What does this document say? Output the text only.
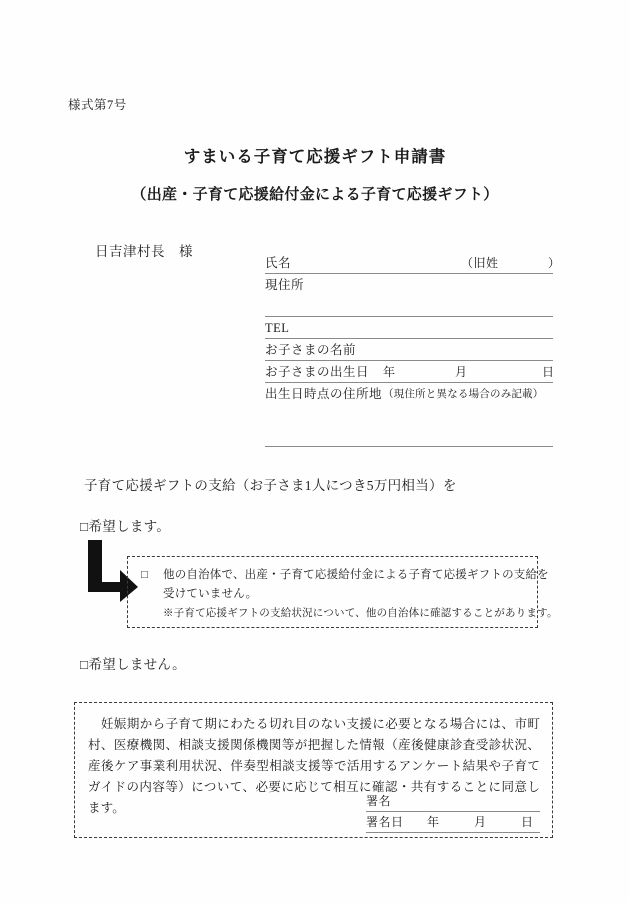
様式第7号
すまいる子育て応援ギフト申請書
（出産・子育て応援給付金による子育て応援ギフト）
日吉津村長　様
氏名	（旧姓	）
現住所
TEL
お子さまの名前
お子さまの出生日 年	月	日
出生日時点の住所地 （現住所と異なる場合のみ記載）
子育て応援ギフトの支給（お子さま1人につき5万円相当）を
□希望します。
□ 他の自治体で、出産・子育て応援給付金による子育て応援ギフトの支給を
受けていません。
※子育て応援ギフトの支給状況について、他の自治体に確認することがあります。
□希望しません。

妊娠期から子育て期にわたる切れ目のない支援に必要となる場合には、市町村、医療機関、相談支援関係機関等が把握した情報（産後健康診査受診状況、産後ケア事業利用状況、伴奏型相談支援等で活用するアンケート結果や子育てガイドの内容等）について、必要に応じて相互に確認・共有することに同意します。	署名
署名日 年	月	日
